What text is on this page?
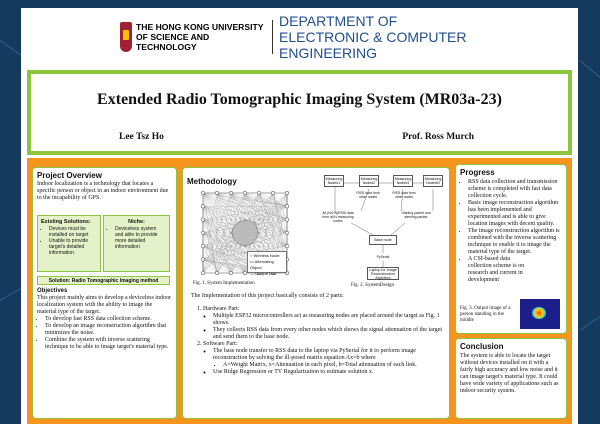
THE HONG KONG UNIVERSITY OF SCIENCE AND TECHNOLOGY
DEPARTMENT OF ELECTRONIC & COMPUTER ENGINEERING
Extended Radio Tomographic Imaging System (MR03a-23)
Lee Tsz Ho	Prof. Ross Murch
Project Overview
Indoor localization is a technology that locates a specific person or object in an indoor environment due to the incapability of GPS.
Existing Solutions:
• Devices must be installed on target
• Unable to provide target's detailed information
Niche:
• Deviceless system and able to provide more detailed information
Solution: Radio Tomographic Imaging method
Objectives
This project mainly aims to develop a deviceless indoor localization system with the ability to image the material type of the target.
• To develop fast RSS data collection scheme.
• To develop an image reconstruction algorithm that minimizes the noise.
• Combine the system with inverse scattering technique to be able to image target's material type.
Methodology
○ Wireless Node
▭ Alternating Object
— Unique Link
Fig. 1. System Implementation
Measuring Node#1
Measuring Node#2
Measuring Node#3
Measuring Node#N
RSSI data from other nodes
RSSI data from other nodes
All (N/2-N)RSSI data from all N measuring nodes
Starting packet and steering packet
Base node
PySerial
Laptop for Image Reconstruction Algorithm
Fig. 2. SystemDesign
The Implementation of this project basically consists of 2 parts:
1. Hardware Part:
◦ Multiple ESP32 microcontrollers act as measuring nodes are placed around the target as Fig. 1 shows.
◦ They collects RSS data from every other nodes which shows the signal attenuation of the target and send them to the base node.
2. Software Part:
◦ The base node transfer to RSS data to the laptop via PySerial for it to perform image reconstruction by solving the ill-posed matrix equation Ax=b where
▪ A=Weight Matrix, x=Attenuation in each pixel, b=Total attenuation of each link.
◦ Use Ridge Regression or TV Regularization to estimate solution x.
Progress
• RSS data collection and transmission scheme is completed with fast data collection cycle.
• Basic image reconstruction algorithm has been implemented and experimented and is able to give location images with decent quality.
• The image reconstruction algorithm is combined with the inverse scattering technique to enable it to image the material type of the target.
• A CSI-based data collection scheme is on research and current in development
Fig. 3. Output image of a person standing in the middle
Conclusion
The system is able to locate the target without devices installed on it with a fairly high accuracy and low noise and it can image target's material type. It could have wide variety of applications such as indoor security system.
